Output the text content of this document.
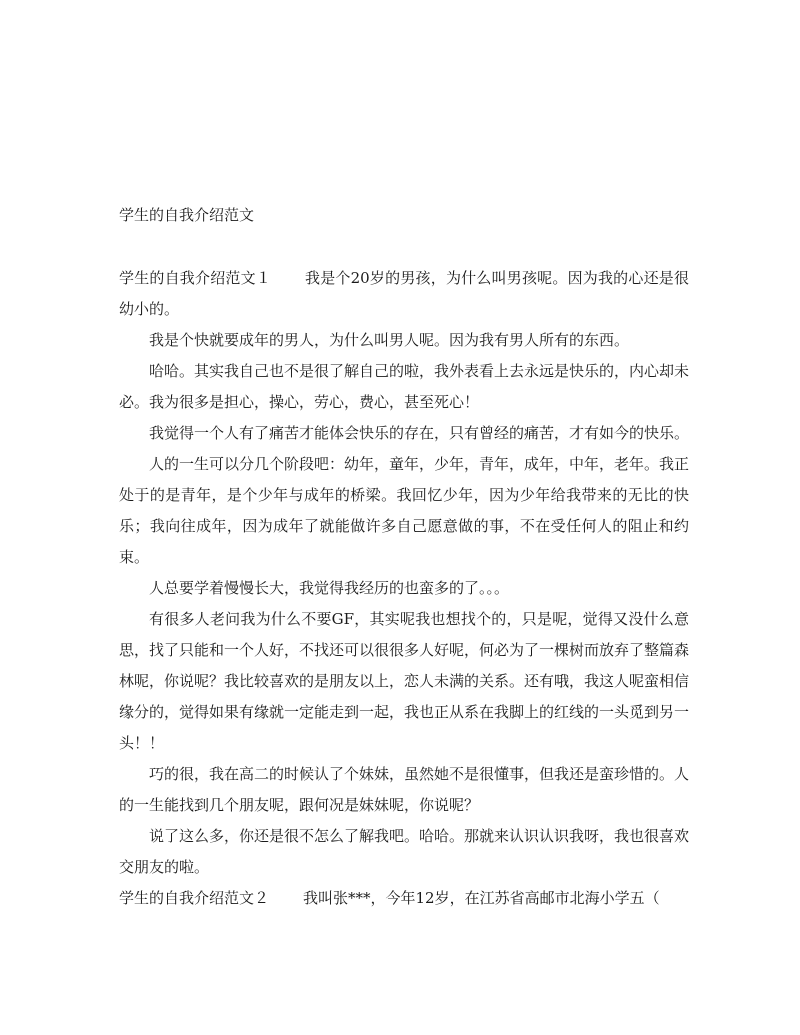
学生的自我介绍范文

学生的自我介绍范文１ 我是个20岁的男孩，为什么叫男孩呢。因为我的心还是很幼小的。

我是个快就要成年的男人，为什么叫男人呢。因为我有男人所有的东西。

哈哈。其实我自己也不是很了解自己的啦，我外表看上去永远是快乐的，内心却未必。我为很多是担心，操心，劳心，费心，甚至死心！

我觉得一个人有了痛苦才能体会快乐的存在，只有曾经的痛苦，才有如今的快乐。

人的一生可以分几个阶段吧：幼年，童年，少年，青年，成年，中年，老年。我正处于的是青年，是个少年与成年的桥梁。我回忆少年，因为少年给我带来的无比的快乐；我向往成年，因为成年了就能做许多自己愿意做的事，不在受任何人的阻止和约束。

人总要学着慢慢长大，我觉得我经历的也蛮多的了。。。

有很多人老问我为什么不要GF，其实呢我也想找个的，只是呢，觉得又没什么意思，找了只能和一个人好，不找还可以很很多人好呢，何必为了一棵树而放弃了整篇森林呢，你说呢？我比较喜欢的是朋友以上，恋人未满的关系。还有哦，我这人呢蛮相信缘分的，觉得如果有缘就一定能走到一起，我也正从系在我脚上的红线的一头觅到另一头！！

巧的很，我在高二的时候认了个妹妹，虽然她不是很懂事，但我还是蛮珍惜的。人的一生能找到几个朋友呢，跟何况是妹妹呢，你说呢？

说了这么多，你还是很不怎么了解我吧。哈哈。那就来认识认识我呀，我也很喜欢交朋友的啦。

学生的自我介绍范文２ 我叫张***，今年12岁，在江苏省高邮市北海小学五（
